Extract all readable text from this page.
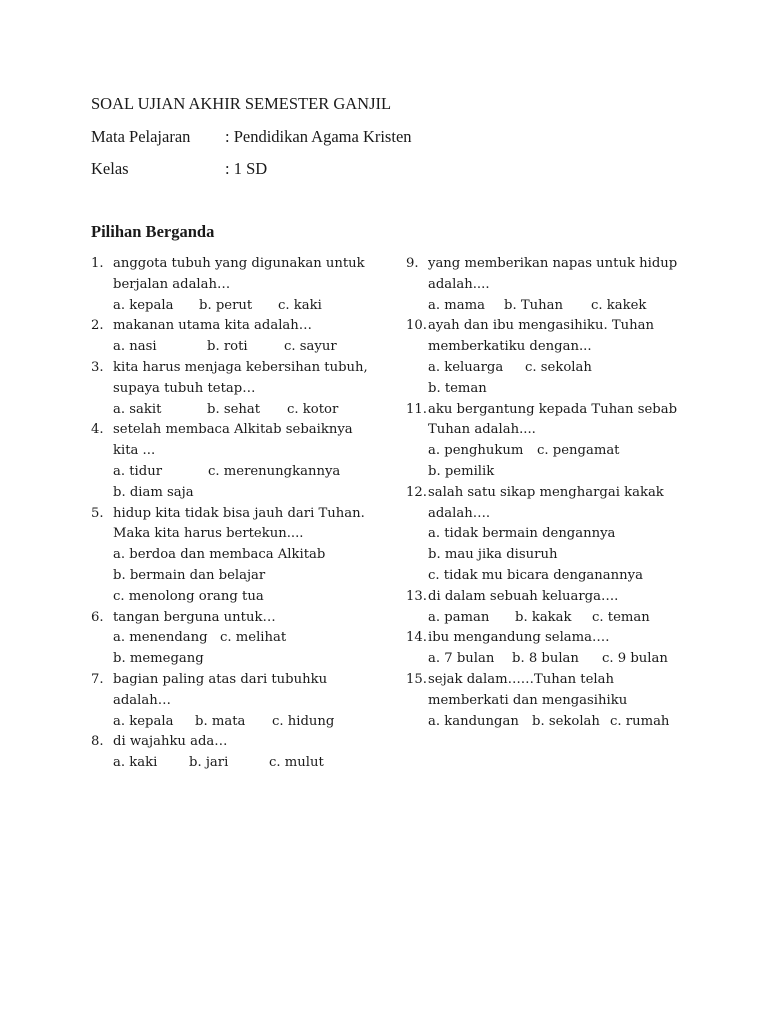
SOAL UJIAN AKHIR SEMESTER GANJIL
Mata Pelajaran : Pendidikan Agama Kristen
Kelas	: 1 SD
Pilihan Berganda
1. anggota tubuh yang digunakan untuk
berjalan adalah…
a. kepala b. perut c. kaki
2. makanan utama kita adalah…
a. nasi	b. roti	c. sayur
3. kita harus menjaga kebersihan tubuh,
supaya tubuh tetap…
a. sakit	b. sehat c. kotor
4. setelah membaca Alkitab sebaiknya
kita ...
a. tidur	c. merenungkannya
b. diam saja
5. hidup kita tidak bisa jauh dari Tuhan.
Maka kita harus bertekun....
a. berdoa dan membaca Alkitab
b. bermain dan belajar
c. menolong orang tua
6. tangan berguna untuk…
a. menendang c. melihat
b. memegang
7. bagian paling atas dari tubuhku
adalah…
a. kepala b. mata c. hidung
8. di wajahku ada…
a. kaki b. jari	c. mulut
9. yang memberikan napas untuk hidup
adalah....
a. mama b. Tuhan c. kakek
10. ayah dan ibu mengasihiku. Tuhan
memberkatiku dengan...
a. keluarga c. sekolah
b. teman
11. aku bergantung kepada Tuhan sebab
Tuhan adalah....
a. penghukum c. pengamat
b. pemilik
12. salah satu sikap menghargai kakak
adalah….
a. tidak bermain dengannya
b. mau jika disuruh
c. tidak mu bicara denganannya
13. di dalam sebuah keluarga….
a. paman b. kakak c. teman
14. ibu mengandung selama….
a. 7 bulan b. 8 bulan c. 9 bulan
15. sejak dalam……Tuhan telah
memberkati dan mengasihiku
a. kandungan b. sekolah c. rumah
